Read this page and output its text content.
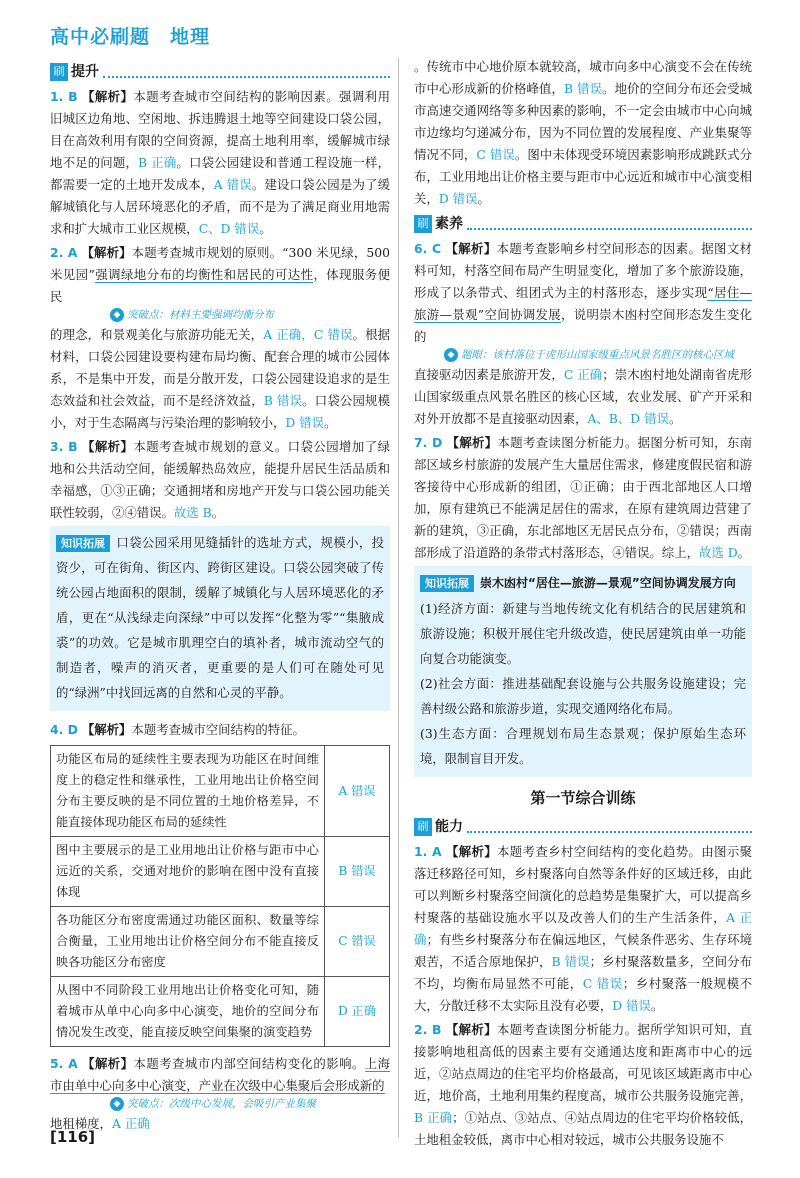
高中必刷题　地理
刷 提升

1. B 【解析】本题考查城市空间结构的影响因素。强调利用旧城区边角地、空闲地、拆违腾退土地等空间建设口袋公园，目在高效利用有限的空间资源，提高土地利用率，缓解城市绿地不足的问题，B 正确。口袋公园建设和普通工程设施一样，都需要一定的土地开发成本，A 错误。建设口袋公园是为了缓解城镇化与人居环境恶化的矛盾，而不是为了满足商业用地需求和扩大城市工业区规模，C、D 错误。

2. A 【解析】本题考查城市规划的原则。“300 米见绿，500 米见园”强调绿地分布的均衡性和居民的可达性，体现服务便民

◆ 突破点：材料主要强调均衡分布

的理念，和景观美化与旅游功能无关，A 正确，C 错误。根据材料，口袋公园建设要构建布局均衡、配套合理的城市公园体系，不是集中开发，而是分散开发，口袋公园建设追求的是生态效益和社会效益，而不是经济效益，B 错误。口袋公园规模小，对于生态隔离与污染治理的影响较小，D 错误。

3. B 【解析】本题考查城市规划的意义。口袋公园增加了绿地和公共活动空间，能缓解热岛效应，能提升居民生活品质和幸福感，①③正确；交通拥堵和房地产开发与口袋公园功能关联性较弱，②④错误。故选 B。

知识拓展 口袋公园采用见缝插针的选址方式，规模小，投资少，可在街角、街区内、跨街区建设。口袋公园突破了传统公园占地面积的限制，缓解了城镇化与人居环境恶化的矛盾，更在“从浅绿走向深绿”中可以发挥“化整为零”“集腋成裘”的功效。它是城市肌理空白的填补者，城市流动空气的制造者，噪声的消灭者，更重要的是人们可在随处可见的“绿洲”中找回远离的自然和心灵的平静。

4. D 【解析】本题考查城市空间结构的特征。

功能区布局的延续性主要表现为功能区在时间维度上的稳定性和继承性，工业用地出让价格空间分布主要反映的是不同位置的土地价格差异，不能直接体现功能区布局的延续性	A 错误
图中主要展示的是工业用地出让价格与距市中心远近的关系，交通对地价的影响在图中没有直接体现	B 错误
各功能区分布密度需通过功能区面积、数量等综合衡量，工业用地出让价格空间分布不能直接反映各功能区分布密度	C 错误
从图中不同阶段工业用地出让价格变化可知，随着城市从单中心向多中心演变，地价的空间分布情况发生改变，能直接反映空间集聚的演变趋势	D 正确

5. A 【解析】本题考查城市内部空间结构变化的影响。上海市由单中心向多中心演变，产业在次级中心集聚后会形成新的

◆ 突破点：次级中心发展，会吸引产业集聚

地租梯度，A 正确

。传统市中心地价原本就较高，城市向多中心演变不会在传统市中心形成新的价格峰值，B 错误。地价的空间分布还会受城市高速交通网络等多种因素的影响，不一定会由城市中心向城市边缘均匀递减分布，因为不同位置的发展程度、产业集聚等情况不同，C 错误。图中未体现受环境因素影响形成跳跃式分布，工业用地出让价格主要与距市中心远近和城市中心演变相关，D 错误。

刷 素养

6. C 【解析】本题考查影响乡村空间形态的因素。据图文材料可知，村落空间布局产生明显变化，增加了多个旅游设施，形成了以条带式、组团式为主的村落形态，逐步实现“居住—旅游—景观”空间协调发展，说明崇木凼村空间形态发生变化的

◆ 题眼：该村落位于虎形山国家级重点风景名胜区的核心区域

直接驱动因素是旅游开发，C 正确；崇木凼村地处湖南省虎形山国家级重点风景名胜区的核心区域，农业发展、矿产开采和对外开放都不是直接驱动因素，A、B、D 错误。

7. D 【解析】本题考查读图分析能力。据图分析可知，东南部区域乡村旅游的发展产生大量居住需求，修建度假民宿和游客接待中心形成新的组团，①正确；由于西北部地区人口增加，原有建筑已不能满足居住的需求，在原有建筑周边营建了新的建筑，③正确，东北部地区无居民点分布，②错误；西南部形成了沿道路的条带式村落形态，④错误。综上，故选 D。

知识拓展 崇木凼村“居住—旅游—景观”空间协调发展方向
(1)经济方面：新建与当地传统文化有机结合的民居建筑和旅游设施；积极开展住宅升级改造，使民居建筑由单一功能向复合功能演变。
(2)社会方面：推进基础配套设施与公共服务设施建设；完善村级公路和旅游步道，实现交通网络化布局。
(3)生态方面：合理规划布局生态景观；保护原始生态环境，限制盲目开发。
第一节综合训练
刷 能力

1. A 【解析】本题考查乡村空间结构的变化趋势。由图示聚落迁移路径可知，乡村聚落向自然等条件好的区域迁移，由此可以判断乡村聚落空间演化的总趋势是集聚扩大，可以提高乡村聚落的基础设施水平以及改善人们的生产生活条件，A 正确；有些乡村聚落分布在偏远地区，气候条件恶劣、生存环境艰苦，不适合原地保护，B 错误；乡村聚落数量多，空间分布不均，均衡布局显然不可能，C 错误；乡村聚落一般规模不大，分散迁移不太实际且没有必要，D 错误。

2. B 【解析】本题考查读图分析能力。据所学知识可知，直接影响地租高低的因素主要有交通通达度和距离市中心的远近，②站点周边的住宅平均价格最高，可见该区域距离市中心近，地价高，土地利用集约程度高，城市公共服务设施完善，B 正确；①站点、③站点、④站点周边的住宅平均价格较低，土地租金较低，离市中心相对较远，城市公共服务设施不

[116]
